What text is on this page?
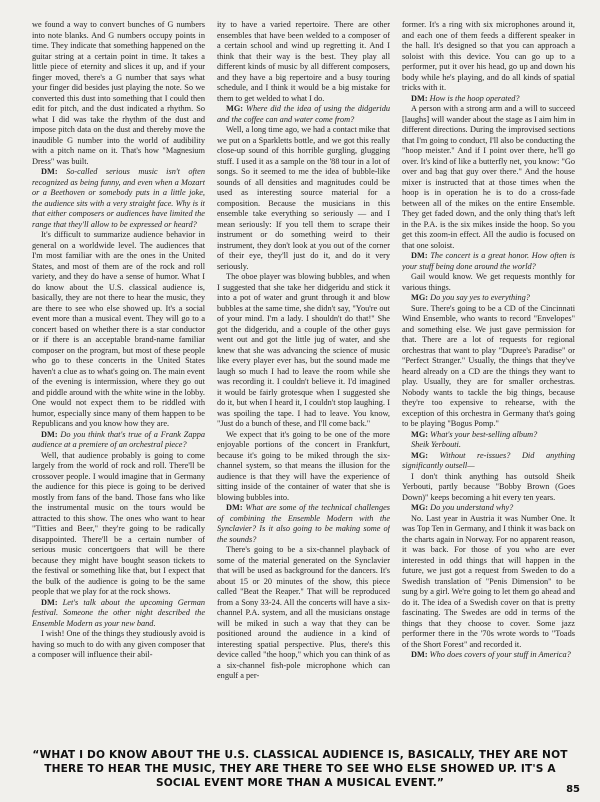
we found a way to convert bunches of G numbers into note blanks. And G numbers occupy points in time. They indicate that something happened on the guitar string at a certain point in time. It takes a little piece of eternity and slices it up, and if your finger moved, there's a G number that says what your finger did besides just playing the note. So we converted this dust into something that I could then edit for pitch, and the dust indicated a rhythm. So what I did was take the rhythm of the dust and impose pitch data on the dust and thereby move the inaudible G number into the world of audibility with a pitch name on it. That's how "Magnesium Dress" was built.

DM: So-called serious music isn't often recognized as being funny, and even when a Mozart or a Beethoven or somebody puts in a little joke, the audience sits with a very straight face. Why is it that either composers or audiences have limited the range that they'll allow to be expressed or heard?

It's difficult to summarize audience behavior in general on a worldwide level. The audiences that I'm most familiar with are the ones in the United States, and most of them are of the rock and roll variety, and they do have a sense of humor. What I do know about the U.S. classical audience is, basically, they are not there to hear the music, they are there to see who else showed up. It's a social event more than a musical event. They will go to a concert based on whether there is a star conductor or if there is an acceptable brand-name familiar composer on the program, but most of these people who go to these concerts in the United States haven't a clue as to what's going on. The main event of the evening is intermission, where they go out and piddle around with the white wine in the lobby. One would not expect them to be riddled with humor, especially since many of them happen to be Republicans and you know how they are.

DM: Do you think that's true of a Frank Zappa audience at a premiere of an orchestral piece?

Well, that audience probably is going to come largely from the world of rock and roll. There'll be crossover people. I would imagine that in Germany the audience for this piece is going to be derived mostly from fans of the band. Those fans who like the instrumental music on the tours would be attracted to this show. The ones who want to hear "Titties and Beer," they're going to be radically disappointed. There'll be a certain number of serious music concertgoers that will be there because they might have bought season tickets to the festival or something like that, but I expect that the bulk of the audience is going to be the same people that we play for at the rock shows.

DM: Let's talk about the upcoming German festival. Someone the other night described the Ensemble Modern as your new band.

I wish! One of the things they studiously avoid is having so much to do with any given composer that a composer will influence their abil-

ity to have a varied repertoire. There are other ensembles that have been welded to a composer of a certain school and wind up regretting it. And I think that their way is the best. They play all different kinds of music by all different composers, and they have a big repertoire and a busy touring schedule, and I think it would be a big mistake for them to get welded to what I do.

MG: Where did the idea of using the didgeridu and the coffee can and water come from?

Well, a long time ago, we had a contact mike that we put on a Sparkletts bottle, and we got this really close-up sound of this horrible gurgling, glugging stuff. I used it as a sample on the '88 tour in a lot of songs. So it seemed to me the idea of bubble-like sounds of all densities and magnitudes could be used as interesting source material for a composition. Because the musicians in this ensemble take everything so seriously — and I mean seriously: If you tell them to scrape their instrument or do something weird to their instrument, they don't look at you out of the corner of their eye, they'll just do it, and do it very seriously.

The oboe player was blowing bubbles, and when I suggested that she take her didgeridu and stick it into a pot of water and grunt through it and blow bubbles at the same time, she didn't say, "You're out of your mind. I'm a lady. I shouldn't do that!" She got the didgeridu, and a couple of the other guys went out and got the little jug of water, and she knew that she was advancing the science of music like every player ever has, but the sound made me laugh so much I had to leave the room while she was recording it. I couldn't believe it. I'd imagined it would be fairly grotesque when I suggested she do it, but when I heard it, I couldn't stop laughing. I was spoiling the tape. I had to leave. You know, "Just do a bunch of these, and I'll come back."

We expect that it's going to be one of the more enjoyable portions of the concert in Frankfurt, because it's going to be miked through the six-channel system, so that means the illusion for the audience is that they will have the experience of sitting inside of the container of water that she is blowing bubbles into.

DM: What are some of the technical challenges of combining the Ensemble Modern with the Synclavier? Is it also going to be making some of the sounds?

There's going to be a six-channel playback of some of the material generated on the Synclavier that will be used as background for the dancers. It's about 15 or 20 minutes of the show, this piece called "Beat the Reaper." That will be reproduced from a Sony 33-24. All the concerts will have a six-channel P.A. system, and all the musicians onstage will be miked in such a way that they can be positioned around the audience in a kind of interesting spatial perspective. Plus, there's this device called "the hoop," which you can think of as a six-channel fish-pole microphone which can engulf a per-

former. It's a ring with six microphones around it, and each one of them feeds a different speaker in the hall. It's designed so that you can approach a soloist with this device. You can go up to a performer, put it over his head, go up and down his body while he's playing, and do all kinds of spatial tricks with it.

DM: How is the hoop operated?

A person with a strong arm and a will to succeed [laughs] will wander about the stage as I aim him in different directions. During the improvised sections that I'm going to conduct, I'll also be conducting the "hoop meister." And if I point over there, he'll go over. It's kind of like a butterfly net, you know: "Go over and bag that guy over there." And the house mixer is instructed that at those times when the hoop is in operation he is to do a cross-fade between all of the mikes on the entire Ensemble. They get faded down, and the only thing that's left in the P.A. is the six mikes inside the hoop. So you get this zoom-in effect. All the audio is focused on that one soloist.

DM: The concert is a great honor. How often is your stuff being done around the world?

Gail would know. We get requests monthly for various things.

MG: Do you say yes to everything?

Sure. There's going to be a CD of the Cincinnati Wind Ensemble, who wants to record "Envelopes" and something else. We just gave permission for that. There are a lot of requests for regional orchestras that want to play "Dupree's Paradise" or "Perfect Stranger." Usually, the things that they've heard already on a CD are the things they want to play. Usually, they are for smaller orchestras. Nobody wants to tackle the big things, because they're too expensive to rehearse, with the exception of this orchestra in Germany that's going to be playing "Bogus Pomp."

MG: What's your best-selling album?

Sheik Yerbouti.

MG: Without re-issues? Did anything significantly outsell—

I don't think anything has outsold Sheik Yerbouti, partly because "Bobby Brown (Goes Down)" keeps becoming a hit every ten years.

MG: Do you understand why?

No. Last year in Austria it was Number One. It was Top Ten in Germany, and I think it was back on the charts again in Norway. For no apparent reason, it was back. For those of you who are ever interested in odd things that will happen in the future, we just got a request from Sweden to do a Swedish translation of "Penis Dimension" to be sung by a girl. We're going to let them go ahead and do it. The idea of a Swedish cover on that is pretty fascinating. The Swedes are odd in terms of the things that they choose to cover. Some jazz performer there in the '70s wrote words to "Toads of the Short Forest" and recorded it.

DM: Who does covers of your stuff in America?

“WHAT I DO KNOW ABOUT THE U.S. CLASSICAL AUDIENCE IS, BASICALLY, THEY ARE NOT THERE TO HEAR THE MUSIC, THEY ARE THERE TO SEE WHO ELSE SHOWED UP. IT'S A SOCIAL EVENT MORE THAN A MUSICAL EVENT.”
85
